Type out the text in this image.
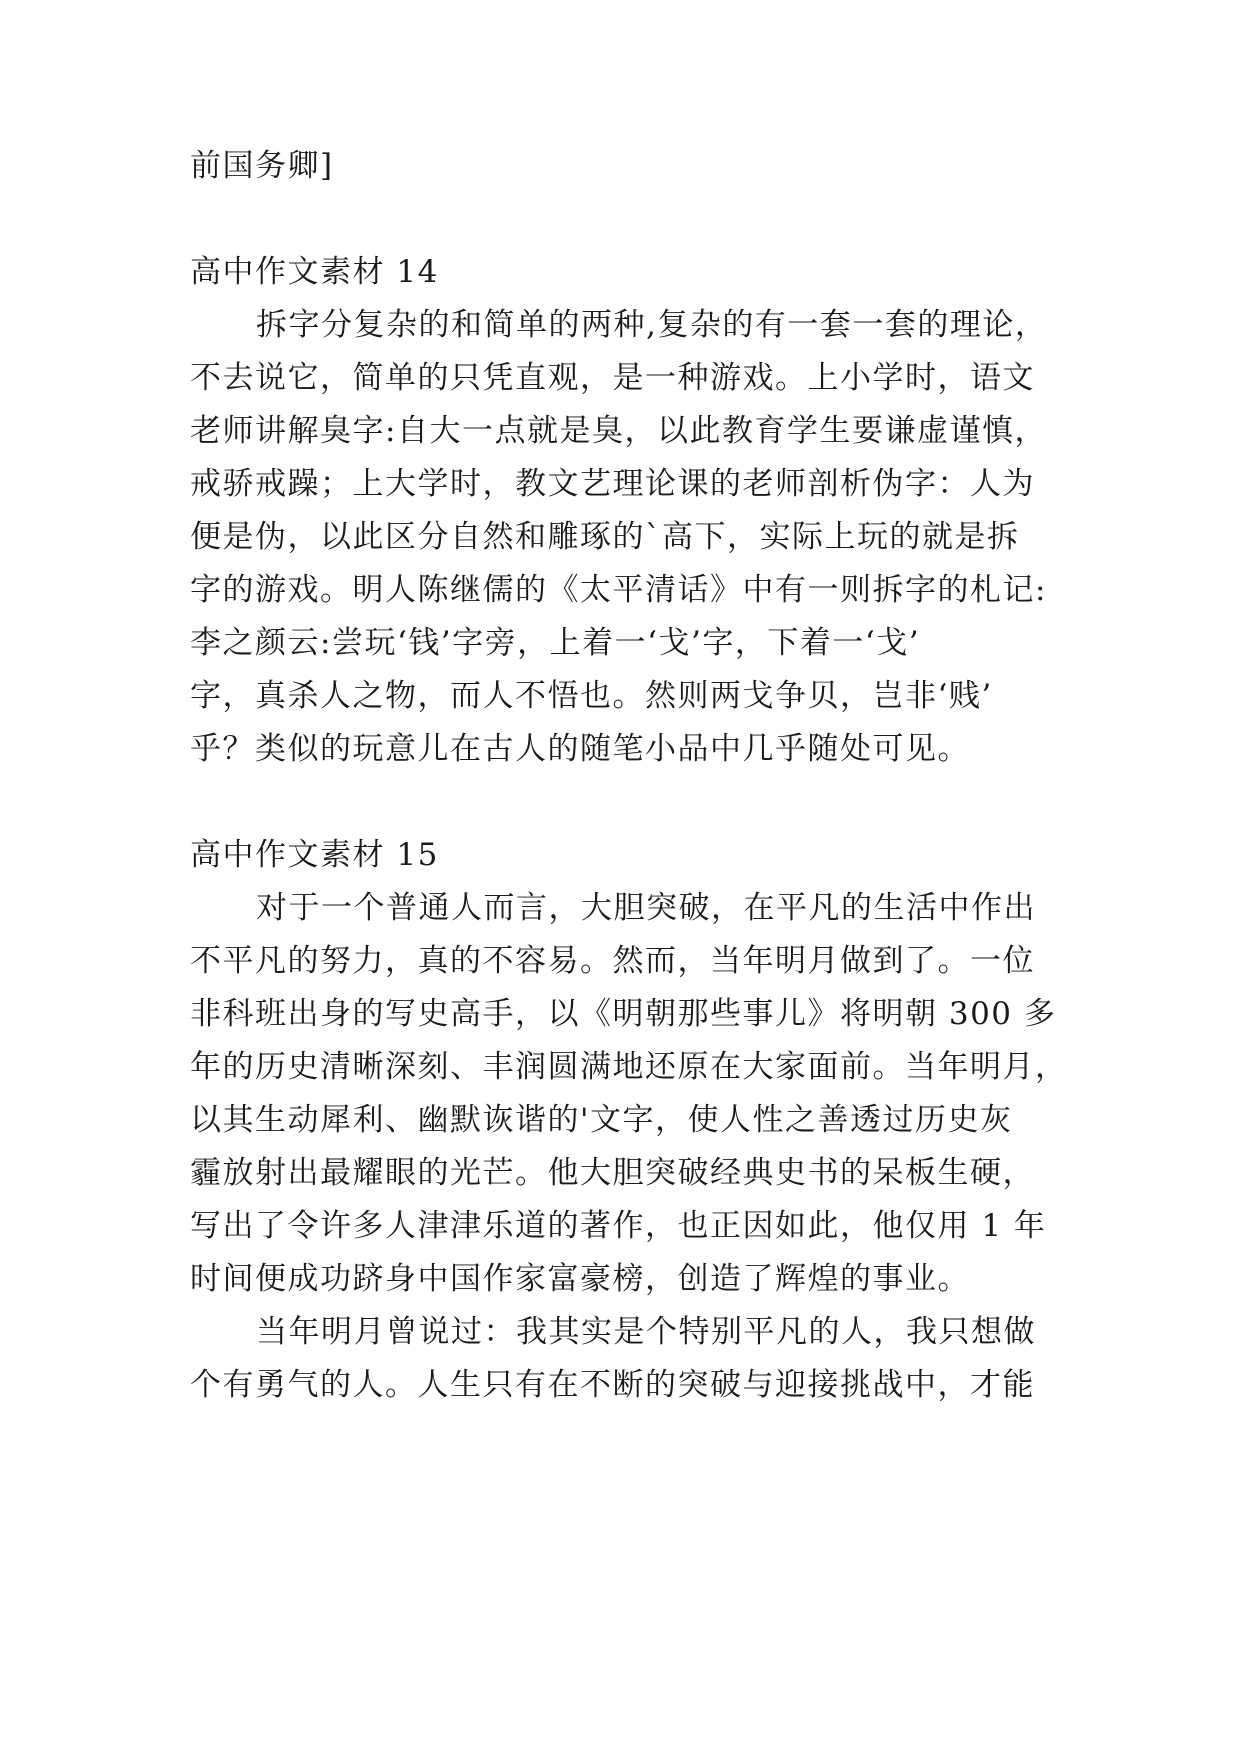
前国务卿]
高中作文素材 14
拆字分复杂的和简单的两种,复杂的有一套一套的理论，
不去说它，简单的只凭直观，是一种游戏。上小学时，语文
老师讲解臭字:自大一点就是臭，以此教育学生要谦虚谨慎，
戒骄戒躁；上大学时，教文艺理论课的老师剖析伪字：人为
便是伪，以此区分自然和雕琢的`高下，实际上玩的就是拆
字的游戏。明人陈继儒的《太平清话》中有一则拆字的札记:
李之颜云:尝玩‘钱’字旁，上着一‘戈’字，下着一‘戈’
字，真杀人之物，而人不悟也。然则两戈争贝，岂非‘贱’
乎？类似的玩意儿在古人的随笔小品中几乎随处可见。
高中作文素材 15
对于一个普通人而言，大胆突破，在平凡的生活中作出
不平凡的努力，真的不容易。然而，当年明月做到了。一位
非科班出身的写史高手，以《明朝那些事儿》将明朝 300 多
年的历史清晰深刻、丰润圆满地还原在大家面前。当年明月，
以其生动犀利、幽默诙谐的'文字，使人性之善透过历史灰
霾放射出最耀眼的光芒。他大胆突破经典史书的呆板生硬，
写出了令许多人津津乐道的著作，也正因如此，他仅用 1 年
时间便成功跻身中国作家富豪榜，创造了辉煌的事业。
当年明月曾说过：我其实是个特别平凡的人，我只想做
个有勇气的人。人生只有在不断的突破与迎接挑战中，才能
